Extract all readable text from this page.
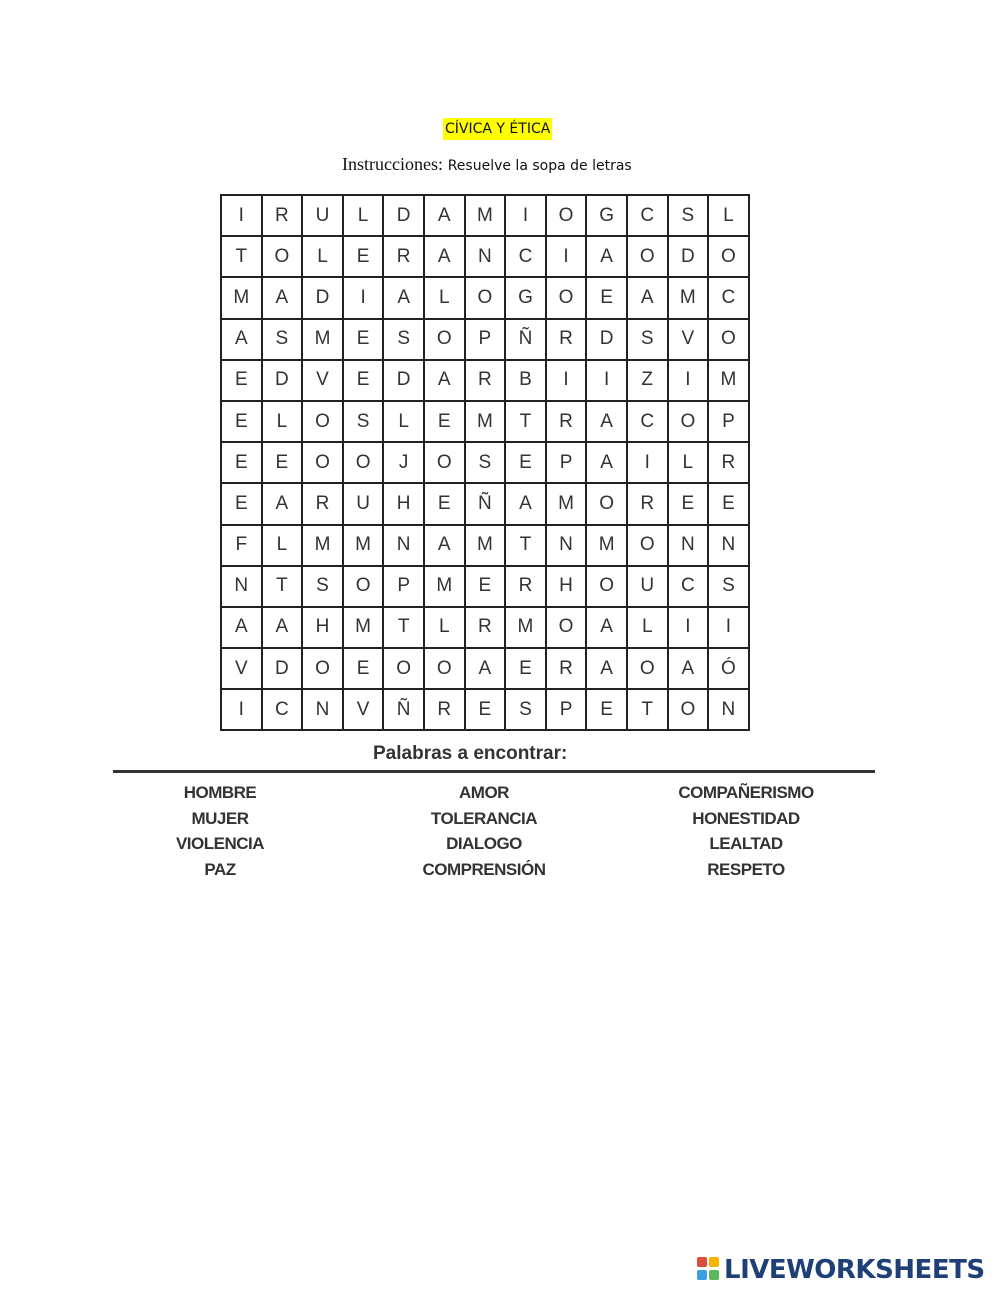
CÍVICA Y ÉTICA
Instrucciones: Resuelve la sopa de letras
I	R	U	L	D	A	M	I	O	G	C	S	L
T	O	L	E	R	A	N	C	I	A	O	D	O
M	A	D	I	A	L	O	G	O	E	A	M	C
A	S	M	E	S	O	P	Ñ	R	D	S	V	O
E	D	V	E	D	A	R	B	I	I	Z	I	M
E	L	O	S	L	E	M	T	R	A	C	O	P
E	E	O	O	J	O	S	E	P	A	I	L	R
E	A	R	U	H	E	Ñ	A	M	O	R	E	E
F	L	M	M	N	A	M	T	N	M	O	N	N
N	T	S	O	P	M	E	R	H	O	U	C	S
A	A	H	M	T	L	R	M	O	A	L	I	I
V	D	O	E	O	O	A	E	R	A	O	A	Ó
I	C	N	V	Ñ	R	E	S	P	E	T	O	N
Palabras a encontrar:
HOMBRE
MUJER
VIOLENCIA
PAZ
AMOR
TOLERANCIA
DIALOGO
COMPRENSIÓN
COMPAÑERISMO
HONESTIDAD
LEALTAD
RESPETO
LIVEWORKSHEETS
